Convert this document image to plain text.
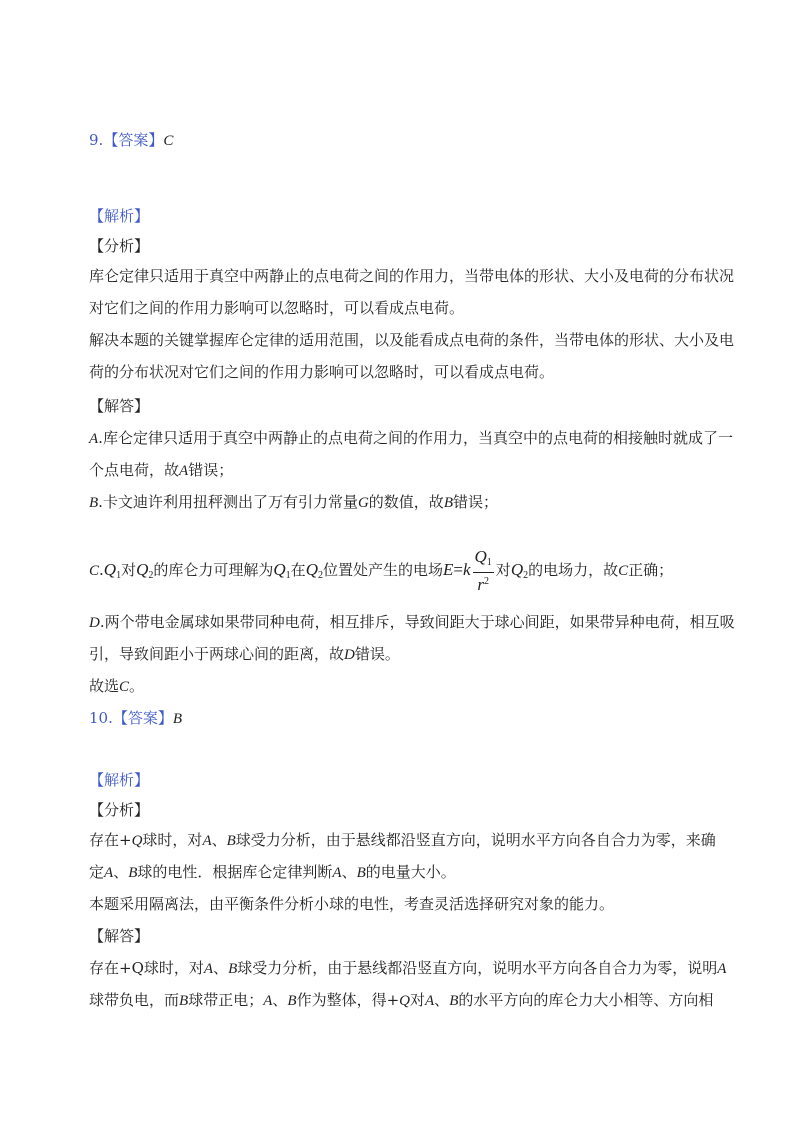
9.【答案】C
【解析】
【分析】
库仑定律只适用于真空中两静止的点电荷之间的作用力，当带电体的形状、大小及电荷的分布状况
对它们之间的作用力影响可以忽略时，可以看成点电荷。
解决本题的关键掌握库仑定律的适用范围，以及能看成点电荷的条件，当带电体的形状、大小及电
荷的分布状况对它们之间的作用力影响可以忽略时，可以看成点电荷。
【解答】
A.库仑定律只适用于真空中两静止的点电荷之间的作用力，当真空中的点电荷的相接触时就成了一
个点电荷，故A错误；
B.卡文迪许利用扭秤测出了万有引力常量G的数值，故B错误；
$C.Q_1$对$Q_2$的库仑力可理解为$Q_1$在$Q_2$位置处产生的电场$E=k \frac{Q_1}{r^2}$ 对$Q_2$的电场力，故C正确；
D.两个带电金属球如果带同种电荷，相互排斥，导致间距大于球心间距，如果带异种电荷，相互吸
引，导致间距小于两球心间的距离，故D错误。
故选C。
10.【答案】B
【解析】
【分析】
存在+Q球时，对A、B球受力分析，由于悬线都沿竖直方向，说明水平方向各自合力为零，来确
定A、B球的电性．根据库仑定律判断A、B的电量大小。
本题采用隔离法，由平衡条件分析小球的电性，考查灵活选择研究对象的能力。
【解答】
存在+Q球时，对A、B球受力分析，由于悬线都沿竖直方向，说明水平方向各自合力为零，说明A
球带负电，而B球带正电；A、B作为整体，得+Q对A、B的水平方向的库仑力大小相等、方向相
